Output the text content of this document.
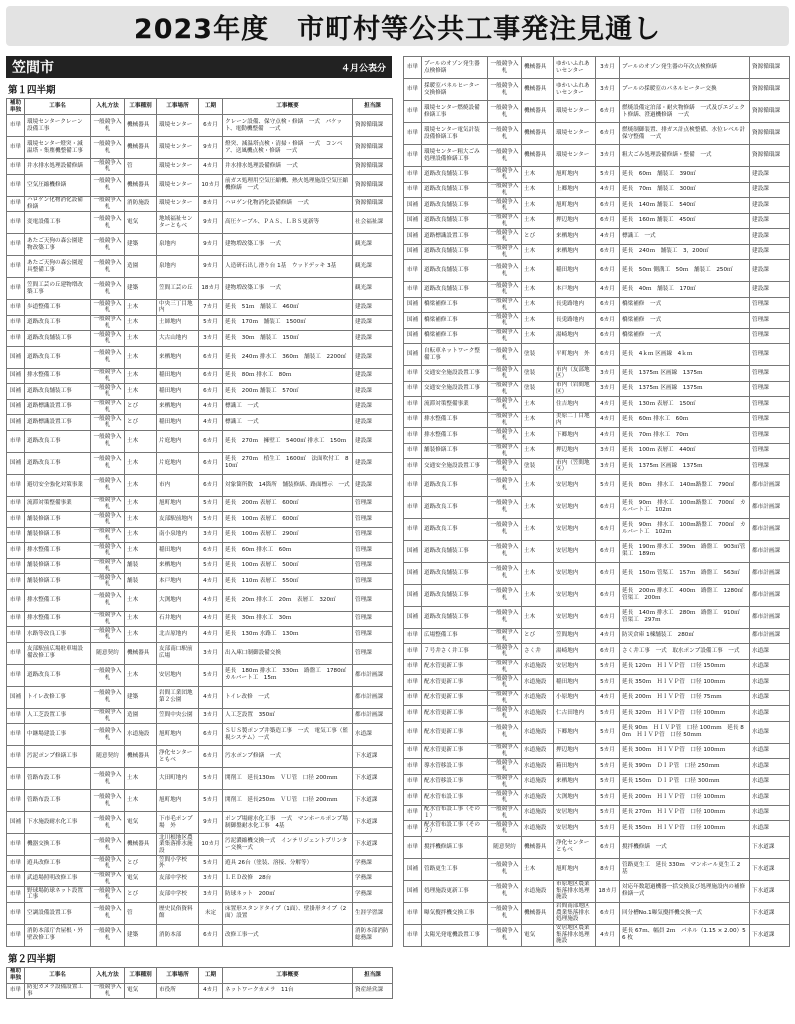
2023年度　市町村等公共工事発注見通し
笠間市	４月公表分
第１四半期
補助単独	工事名	入札方法	工事種別	工事場所	工期	工事概要	担当課
市単	環境センタークレーン設備工事	一般競争入札	機械器具	環境センター	6カ月	クレーン設備、保守点検・修繕　一式　バケット、電動機整備　一式	資源循環課
市単	環境センター燈突・減温塔・集塵機整備工事	一般競争入札	機械器具	環境センター	9カ月	燈突、減温塔点検・清掃・修繕　一式　コンベア、送風機点検・修繕　一式	資源循環課
市単	井水排水処理設備修繕	一般競争入札	管	環境センター	4カ月	井水排水処理設備修繕　一式	資源循環課
市単	空気圧縮機修繕	一般競争入札	機械器具	環境センター	10カ月	前ガス処理用空気圧縮機、熱火処理施設空気圧縮機修繕　一式	資源循環課
市単	ハロゲン化物消化設備修繕	一般競争入札	消防施設	環境センター	8カ月	ハロゲン化物消化設備修繕　一式	資源循環課
市単	変電設備工事	一般競争入札	電気	地域福祉センターともべ	9カ月	高圧ケーブル、ＰＡＳ、ＬＢＳ更新等	社会福祉課
市単	あたご天狗の森公園建物改築工事	一般競争入札	建築	泉地内	9カ月	建物増改築工事　一式	観光課
市単	あたご天狗の森公園遊具整備工事	一般競争入札	造園	泉地内	9カ月	人造研石出し滑り台 1基　ウッドデッキ 3基	観光課
市単	笠間工芸の丘建物増改築工事	一般競争入札	建築	笠間工芸の丘	18カ月	建物増改築工事　一式	観光課
市単	歩道整備工事	一般競争入札	土木	中央三丁目地内	7カ月	延長　51ｍ　舗装工　460㎡	建設課
市単	道路改良工事	一般競争入札	土木	土師地内	5カ月	延長　170ｍ　舗装工　1500㎡	建設課
市単	道路改良舗装工事	一般競争入札	土木	大古山地内	3カ月	延長　30ｍ　舗装工　150㎡	建設課
国補	道路改良工事	一般競争入札	土木	来栖地内	6カ月	延長　240ｍ 排水工　360ｍ　舗装工　2200㎡	建設課
国補	排水整備工事	一般競争入札	土木	稲田地内	6カ月	延長　80ｍ 排水工　80ｍ	建設課
国補	道路改良舗装工事	一般競争入札	土木	稲田地内	6カ月	延長　200ｍ 舗装工　570㎡	建設課
国補	道路標識設置工事	一般競争入札	とび	来栖地内	4カ月	標識工　一式	建設課
国補	道路標識設置工事	一般競争入札	とび	稲田地内	4カ月	標識工　一式	建設課
市単	道路改良工事	一般競争入札	土木	片庭地内	6カ月	延長　270ｍ　擁壁工　5400㎡ 排水工　150ｍ	建設課
国補	道路改良工事	一般競争入札	土木	片庭地内	6カ月	延長　270ｍ　植生工　1600㎡　法面吹付工　810㎡	建設課
市単	避切安全強化対策事業	一般競争入札	土木	市内	6カ月	対象箇所数　14箇所　舗装修繕、路面標示　一式	建設課
市単	流滞対策整備事業	一般競争入札	土木	旭町地内	5カ月	延長　200ｍ 表層工　600㎡	管理課
市単	舗装修繕工事	一般競争入札	土木	友部駅前地内	5カ月	延長　100ｍ 表層工　600㎡	管理課
市単	舗装修繕工事	一般競争入札	土木	南小泉地内	3カ月	延長　100ｍ 表層工　290㎡	管理課
市単	排水整備工事	一般競争入札	土木	稲田地内	6カ月	延長　60ｍ 排水工　60ｍ	管理課
市単	舗装修繕工事	一般競争入札	舗装	来栖地内	5カ月	延長　100ｍ 表層工　500㎡	管理課
市単	舗装修繕工事	一般競争入札	舗装	本戸地内	4カ月	延長　110ｍ 表層工　550㎡	管理課
市単	排水整備工事	一般競争入札	土木	大渕地内	4カ月	延長　20ｍ 排水工　20ｍ　表層工　320㎡	管理課
市単	排水整備工事	一般競争入札	土木	石井地内	4カ月	延長　30ｍ 排水工　30ｍ	管理課
市単	水路等改良工事	一般競争入札	土木	北吉原地内	4カ月	延長　130ｍ 水路工　130ｍ	管理課
市単	友部駅前広場駐車場設備改修工事	随意契約	機械器具	友部南口駅前広場	3カ月	出入庫口制御設備交換	管理課
市単	道路改良工事	一般競争入札	土木	安居地内	5カ月	延長　180ｍ 排水工　330ｍ　路盤工　1780㎡　カルバート工　15ｍ	都市計画課
国補	トイレ改修工事	一般競争入札	建築	岩間工業団地第２公園	4カ月	トイレ改修　一式	都市計画課
市単	人工芝設置工事	一般競争入札	造園	笠間中央公園	3カ月	人工芝設置　350㎡	都市計画課
市単	中継場建設工事	一般競争入札	水道施設	旭町地内	6カ月	ＳＵＳ製ポンプ井築造工事　一式　電気工事（監視システム）一式	水道課
市単	汚泥ポンプ修繕工事	随意契約	機械器具	浄化センターともべ	6カ月	汚水ポンプ修繕　一式	下水道課
市単	管路布設工事	一般競争入札	土木	大田町地内	5カ月	開削工　延長130ｍ　ＶＵ管　口径 200ｍｍ	下水道課
市単	管路布設工事	一般競争入札	土木	旭町地内	5カ月	開削工　延長250ｍ　ＶＵ管　口径 200ｍｍ	下水道課
国補	下水施設耐水化工事	一般競争入札	電気	下市毛ポンプ場　外	9カ月	ポンプ場耐水化工事　一式　マンホールポンプ場制御盤耐水化工事　4基	下水道課
市単	機器交換工事	一般競争入札	機械器具	北川根地区農業集落排水施設	10カ月	汚泥濃縮機交換一式　インテリジェントプリンター交換一式	下水道課
市単	遊具改修工事	一般競争入札	とび	笠間小学校　外	5カ月	遊具 26台（塗装、溶接、分解等）	学務課
市単	武道場照明改修工事	一般競争入札	電気	友部中学校	3カ月	ＬＥＤ改修　28台	学務課
市単	野球場防球ネット設置工事	一般競争入札	とび	友部中学校	3カ月	防球ネット　200㎡	学務課
市単	空調設備設置工事	一般競争入札	管	歴史民俗資料館	未定	床置形スタンドタイプ（1面）、壁掛形タイプ（2面）設置	生涯学習課
市単	消防本部庁舎屋根・外壁改修工事	一般競争入札	建築	消防本部	6カ月	改修工事一式	消防本部消防総務課
第２四半期
補助単独	工事名	入札方法	工事種別	工事場所	工期	工事概要	担当課
市単	防犯カメラ設備設置工事	一般競争入札	電気	市役所	4カ月	ネットワークカメラ　11台	資産経営課
市単	プールのオゾン発生器点検修繕	一般競争入札	機械器具	ゆかいふれあいセンター	3カ月	プールのオゾン発生器の年次点検修繕	資源循環課
市単	採暖室パネルヒーター交換修繕	一般競争入札	機械器具	ゆかいふれあいセンター	3カ月	プールの採暖室のパネルヒーター交換	資源循環課
市単	環境センター燃焼設備修繕工事	一般競争入札	機械器具	環境センター	6カ月	燃焼設備定泊部・耐火物修繕　一式及びエジェクト修繕、澄過機修繕　一式	資源循環課
市単	環境センター電気計装設備修繕工事	一般競争入札	機械器具	環境センター	6カ月	燃焼制御装置、排ガス計点検整備、水位レベル計保守整備　一式	資源循環課
市単	環境センター粗大ごみ処理設備修繕工事	一般競争入札	機械器具	環境センター	3カ月	粗大ごみ処理設備修繕・整備　一式	資源循環課
市単	道路改良舗装工事	一般競争入札	土木	旭町地内	5カ月	延長　60ｍ　舗装工　390㎡	建設課
市単	道路改良舗装工事	一般競争入札	土木	上郷地内	4カ月	延長　70ｍ　舗装工　300㎡	建設課
国補	道路改良舗装工事	一般競争入札	土木	旭町地内	6カ月	延長　140ｍ 舗装工　540㎡	建設課
国補	道路改良舗装工事	一般競争入札	土木	押辺地内	6カ月	延長　160ｍ 舗装工　450㎡	建設課
国補	道路標識設置工事	一般競争入札	とび	来栖地内	4カ月	標識工　一式	建設課
国補	道路改良舗装工事	一般競争入札	土木	来栖地内	6カ月	延長　240ｍ　舗装工　3，200㎡	建設課
市単	道路改良舗装工事	一般競争入札	土木	稲田地内	6カ月	延長　50ｍ 側溝工　50ｍ　舗装工　250㎡	建設課
市単	道路改良舗装工事	一般競争入札	土木	本戸地内	4カ月	延長　40ｍ　舗装工　170㎡	建設課
国補	橋梁補修工事	一般競争入札	土木	長兎路地内	6カ月	橋梁補修　一式	管理課
国補	橋梁補修工事	一般競争入札	土木	長兎路地内	6カ月	橋梁補修　一式	管理課
国補	橋梁補修工事	一般競争入札	土木	湯崎地内	6カ月	橋梁補修　一式	管理課
国補	自転車ネットワーク整備工事	一般競争入札	塗装	平町地内　外	6カ月	延長　4ｋｍ 区画線　4ｋｍ	管理課
市単	交通安全施設設置工事	一般競争入札	塗装	市内（友部地区）	3カ月	延長　1375ｍ 区画線　1375ｍ	管理課
市単	交通安全施設設置工事	一般競争入札	塗装	市内（岩間地区）	3カ月	延長　1375ｍ 区画線　1375ｍ	管理課
市単	流滞対策整備事業	一般競争入札	土木	住吉地内	4カ月	延長　130ｍ 表層工　150㎡	管理課
市単	排水整備工事	一般競争入札	土木	美原二丁目地内	4カ月	延長　60ｍ 排水工　60ｍ	管理課
市単	排水整備工事	一般競争入札	土木	下郷地内	4カ月	延長　70ｍ 排水工　70ｍ	管理課
市単	舗装修繕工事	一般競争入札	土木	押辺地内	3カ月	延長　100ｍ 表層工　440㎡	管理課
市単	交通安全施設設置工事	一般競争入札	塗装	市内（笠間地区）	3カ月	延長　1375ｍ 区画線　1375ｍ	管理課
市単	道路改良工事	一般競争入札	土木	安居地内	5カ月	延長　80ｍ　排水工　140ｍ路盤工　790㎡	都市計画課
市単	道路改良工事	一般競争入札	土木	安居地内	6カ月	延長　90ｍ　排水工　100ｍ路盤工　700㎡　カルバート工　102ｍ	都市計画課
市単	道路改良工事	一般競争入札	土木	安居地内	6カ月	延長　90ｍ　排水工　100ｍ路盤工　700㎡　カルバート工　102ｍ	都市計画課
国補	道路改良舗装工事	一般競争入札	土木	安居地内	6カ月	延長　190ｍ 排水工　390ｍ　路盤工　903㎡管渠工　189ｍ	都市計画課
国補	道路改良舗装工事	一般競争入札	土木	安居地内	6カ月	延長　150ｍ 管渠工　157ｍ　路盤工　563㎡	都市計画課
国補	道路改良舗装工事	一般競争入札	土木	安居地内	6カ月	延長　200ｍ 排水工　400ｍ　路盤工　1280㎡　管渠工　200ｍ	都市計画課
国補	道路改良舗装工事	一般競争入札	土木	安居地内	6カ月	延長　140ｍ 排水工　280ｍ　路盤工　910㎡　管渠工　297ｍ	都市計画課
市単	広場整備工事	一般競争入札	とび	笠間地内	4カ月	防災倉庫 1棟舗装工　280㎡	都市計画課
市単	７号井さく井工事	一般競争入札	さく井	湯崎地内	6カ月	さく井工事　一式　取水ポンプ設備工事　一式	水道課
市単	配水管更新工事	一般競争入札	水道施設	安居地内	5カ月	延長 120ｍ　ＨＩＶＰ管　口径 150ｍｍ	水道課
市単	配水管更新工事	一般競争入札	水道施設	稲田地内	5カ月	延長 350ｍ　ＨＩＶＰ管　口径 100ｍｍ	水道課
市単	配水管更新工事	一般競争入札	水道施設	小原地内	4カ月	延長 200ｍ　ＨＩＶＰ管　口径 75ｍｍ	水道課
市単	配水管更新工事	一般競争入札	水道施設	仁古田地内	5カ月	延長 320ｍ　ＨＩＶＰ管　口径 100ｍｍ	水道課
市単	配水管更新工事	一般競争入札	水道施設	下郷地内	5カ月	延長 90ｍ　ＨＩＶＰ管　口径 100ｍｍ　延長 80ｍ　ＨＩＶＰ管　口径 50ｍｍ	水道課
市単	配水管更新工事	一般競争入札	水道施設	押辺地内	5カ月	延長 300ｍ　ＨＩＶＰ管　口径 100ｍｍ	水道課
市単	導水管移設工事	一般競争入札	水道施設	箱田地内	5カ月	延長 390ｍ　ＤＩＰ管　口径 250ｍｍ	水道課
市単	配水管移設工事	一般競争入札	水道施設	来栖地内	5カ月	延長 150ｍ　ＤＩＰ管　口径 300ｍｍ	水道課
市単	配水管布設工事	一般競争入札	水道施設	大渕地内	5カ月	延長 200ｍ　ＨＩＶＰ管　口径 100ｍｍ	水道課
市単	配水管布設工事（その１）	一般競争入札	水道施設	安居地内	5カ月	延長 270ｍ　ＨＩＶＰ管　口径 100ｍｍ	水道課
市単	配水管布設工事（その２）	一般競争入札	水道施設	安居地内	5カ月	延長 350ｍ　ＨＩＶＰ管　口径 100ｍｍ	水道課
市単	撹拌機修繕工事	随意契約	機械器具	浄化センターともべ	6カ月	撹拌機修繕　一式	下水道課
国補	管路更生工事	一般競争入札	土木	旭町地内	8カ月	管路更生工　延長 330ｍ　マンホール更生工 2 基	下水道課
国補	処理施設更新工事	一般競争入札	水道施設	市原地区農業集落排水処理施設	18カ月	対応年数超過機器一括交換及び処理施設内の補修修繕一式	下水道課
市単	曝気攪拌機交換工事	一般競争入札	機械器具	岩間南部地区農業集落排水処理施設	6カ月	回分槽No.1曝気攪拌機交換一式	下水道課
市単	太陽光発電機設置工事	一般競争入札	電気	安居地区農業集落排水処理施設	4カ月	延長 67ｍ、幅員 2ｍ　パネル（1.15 × 2.00）56 枚	下水道課
